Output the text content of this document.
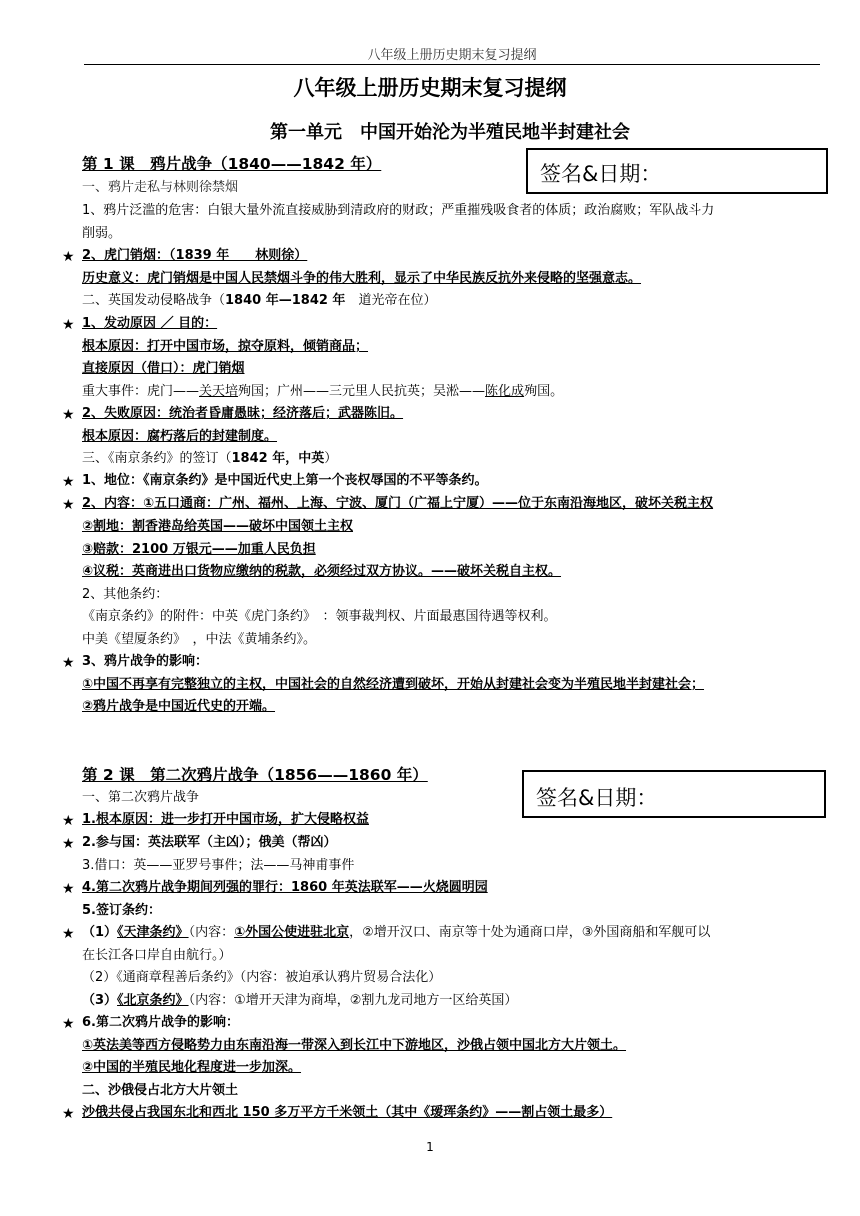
八年级上册历史期末复习提纲
八年级上册历史期末复习提纲
第一单元　中国开始沦为半殖民地半封建社会
第 1 课　鸦片战争（1840——1842 年）	签名&日期：
一、鸦片走私与林则徐禁烟
1、鸦片泛滥的危害：白银大量外流直接威胁到清政府的财政；严重摧残吸食者的体质；政治腐败；军队战斗力
削弱。
★ 2、虎门销烟：（1839 年　　林则徐）
历史意义：虎门销烟是中国人民禁烟斗争的伟大胜利，显示了中华民族反抗外来侵略的坚强意志。
二、英国发动侵略战争（1840 年—1842 年　道光帝在位）
★ 1、发动原因 ／ 目的：
根本原因：打开中国市场，掠夺原料，倾销商品；
直接原因（借口）：虎门销烟
重大事件：虎门——关天培殉国；广州——三元里人民抗英；吴淞——陈化成殉国。
★ 2、失败原因：统治者昏庸愚昧；经济落后；武器陈旧。
根本原因：腐朽落后的封建制度。
三、《南京条约》的签订（1842 年，中英）
★ 1、地位：《南京条约》是中国近代史上第一个丧权辱国的不平等条约。
★ 2、内容：①五口通商：广州、福州、上海、宁波、厦门（广福上宁厦）——位于东南沿海地区，破坏关税主权
②割地：割香港岛给英国——破坏中国领土主权
③赔款：2100 万银元——加重人民负担
④议税：英商进出口货物应缴纳的税款，必须经过双方协议。——破坏关税自主权。
2、其他条约：
《南京条约》的附件：中英《虎门条约》　：领事裁判权、片面最惠国待遇等权利。
中美《望厦条约》　，中法《黄埔条约》。
★ 3、鸦片战争的影响：
①中国不再享有完整独立的主权，中国社会的自然经济遭到破坏，开始从封建社会变为半殖民地半封建社会；
②鸦片战争是中国近代史的开端。
第 2 课　第二次鸦片战争（1856——1860 年）
签名&日期：
一、第二次鸦片战争
★ 1.根本原因：进一步打开中国市场，扩大侵略权益
★ 2.参与国：英法联军（主凶）；俄美（帮凶）
3.借口：英——亚罗号事件；法——马神甫事件
★ 4.第二次鸦片战争期间列强的罪行：1860 年英法联军——火烧圆明园
5.签订条约：
★ （1）《天津条约》（内容：①外国公使进驻北京，②增开汉口、南京等十处为通商口岸，③外国商船和军舰可以
在长江各口岸自由航行。）
（2）《通商章程善后条约》（内容：被迫承认鸦片贸易合法化）
（3）《北京条约》（内容：①增开天津为商埠，②割九龙司地方一区给英国）
★ 6.第二次鸦片战争的影响：
①英法美等西方侵略势力由东南沿海一带深入到长江中下游地区，沙俄占领中国北方大片领土。
②中国的半殖民地化程度进一步加深。
二、沙俄侵占北方大片领土
★ 沙俄共侵占我国东北和西北 150 多万平方千米领土（其中《瑷珲条约》——割占领土最多）
1
